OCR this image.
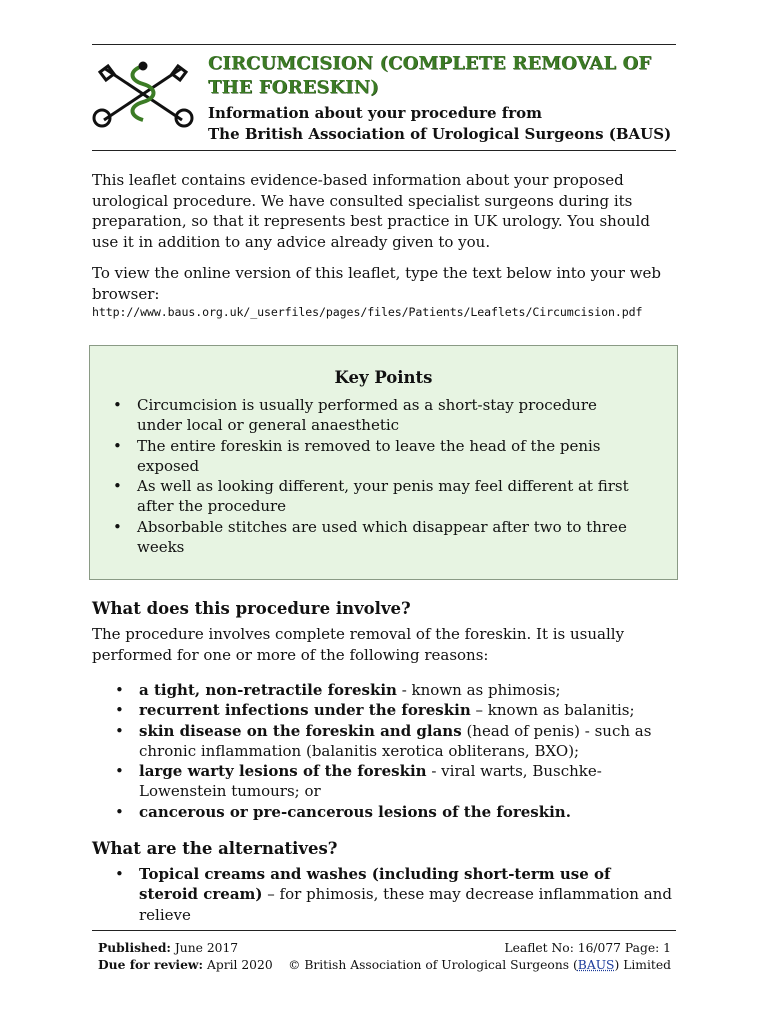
CIRCUMCISION (COMPLETE REMOVAL OF THE FORESKIN)
Information about your procedure from
The British Association of Urological Surgeons (BAUS)

This leaflet contains evidence-based information about your proposed urological procedure. We have consulted specialist surgeons during its preparation, so that it represents best practice in UK urology. You should use it in addition to any advice already given to you.

To view the online version of this leaflet, type the text below into your web browser:

http://www.baus.org.uk/_userfiles/pages/files/Patients/Leaflets/Circumcision.pdf
Key Points
• Circumcision is usually performed as a short-stay procedure under local or general anaesthetic
• The entire foreskin is removed to leave the head of the penis exposed
• As well as looking different, your penis may feel different at first after the procedure
• Absorbable stitches are used which disappear after two to three weeks
What does this procedure involve?

The procedure involves complete removal of the foreskin. It is usually performed for one or more of the following reasons:

• a tight, non-retractile foreskin - known as phimosis;
• recurrent infections under the foreskin – known as balanitis;
• skin disease on the foreskin and glans (head of penis) - such as chronic inflammation (balanitis xerotica obliterans, BXO);
• large warty lesions of the foreskin - viral warts, Buschke-Lowenstein tumours; or
• cancerous or pre-cancerous lesions of the foreskin.
What are the alternatives?
• Topical creams and washes (including short-term use of steroid cream) – for phimosis, these may decrease inflammation and relieve
Published: June 2017
Due for review: April 2020
Leaflet No: 16/077 Page: 1
© British Association of Urological Surgeons (BAUS) Limited
